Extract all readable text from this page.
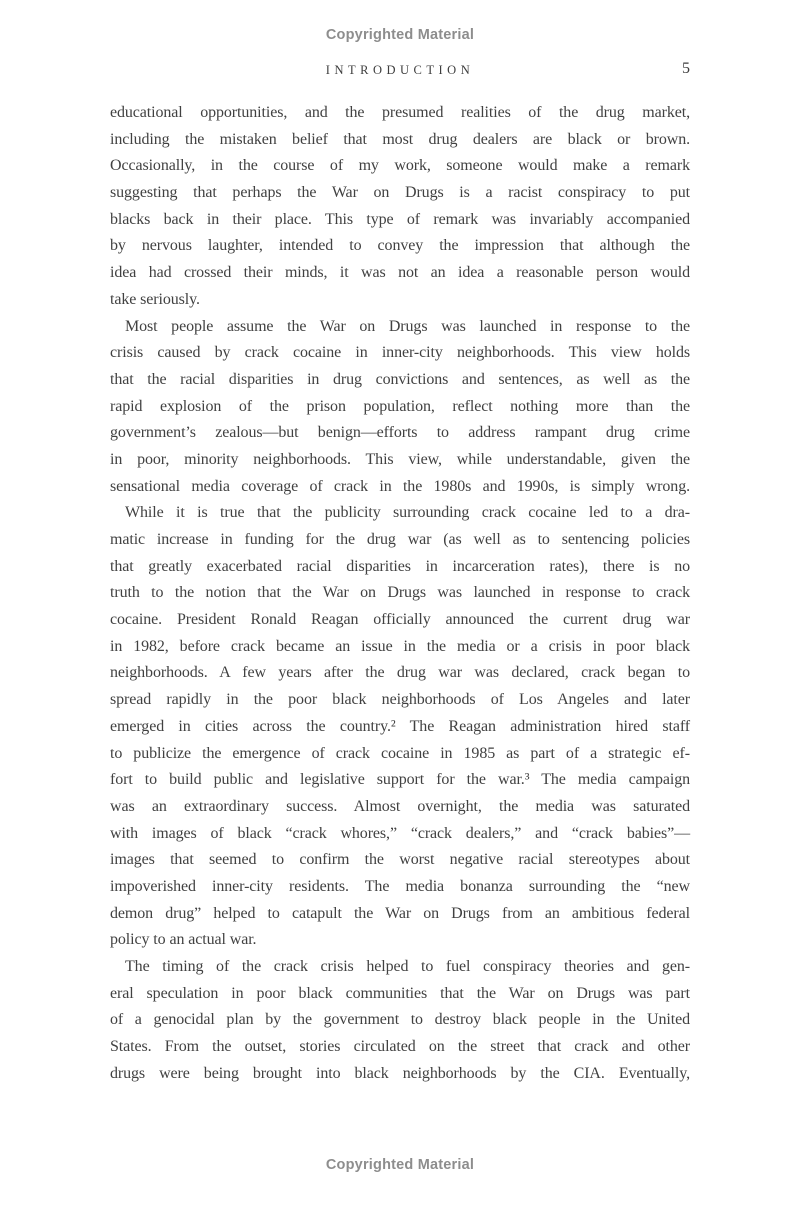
Copyrighted Material
INTRODUCTION	5
educational opportunities, and the presumed realities of the drug market,
including the mistaken belief that most drug dealers are black or brown.
Occasionally, in the course of my work, someone would make a remark
suggesting that perhaps the War on Drugs is a racist conspiracy to put
blacks back in their place. This type of remark was invariably accompanied
by nervous laughter, intended to convey the impression that although the
idea had crossed their minds, it was not an idea a reasonable person would
take seriously.
Most people assume the War on Drugs was launched in response to the
crisis caused by crack cocaine in inner-city neighborhoods. This view holds
that the racial disparities in drug convictions and sentences, as well as the
rapid explosion of the prison population, reflect nothing more than the
government’s zealous—but benign—efforts to address rampant drug crime
in poor, minority neighborhoods. This view, while understandable, given the
sensational media coverage of crack in the 1980s and 1990s, is simply wrong.
While it is true that the publicity surrounding crack cocaine led to a dra-
matic increase in funding for the drug war (as well as to sentencing policies
that greatly exacerbated racial disparities in incarceration rates), there is no
truth to the notion that the War on Drugs was launched in response to crack
cocaine. President Ronald Reagan officially announced the current drug war
in 1982, before crack became an issue in the media or a crisis in poor black
neighborhoods. A few years after the drug war was declared, crack began to
spread rapidly in the poor black neighborhoods of Los Angeles and later
emerged in cities across the country.² The Reagan administration hired staff
to publicize the emergence of crack cocaine in 1985 as part of a strategic ef-
fort to build public and legislative support for the war.³ The media campaign
was an extraordinary success. Almost overnight, the media was saturated
with images of black “crack whores,” “crack dealers,” and “crack babies”—
images that seemed to confirm the worst negative racial stereotypes about
impoverished inner-city residents. The media bonanza surrounding the “new
demon drug” helped to catapult the War on Drugs from an ambitious federal
policy to an actual war.
The timing of the crack crisis helped to fuel conspiracy theories and gen-
eral speculation in poor black communities that the War on Drugs was part
of a genocidal plan by the government to destroy black people in the United
States. From the outset, stories circulated on the street that crack and other
drugs were being brought into black neighborhoods by the CIA. Eventually,
Copyrighted Material
